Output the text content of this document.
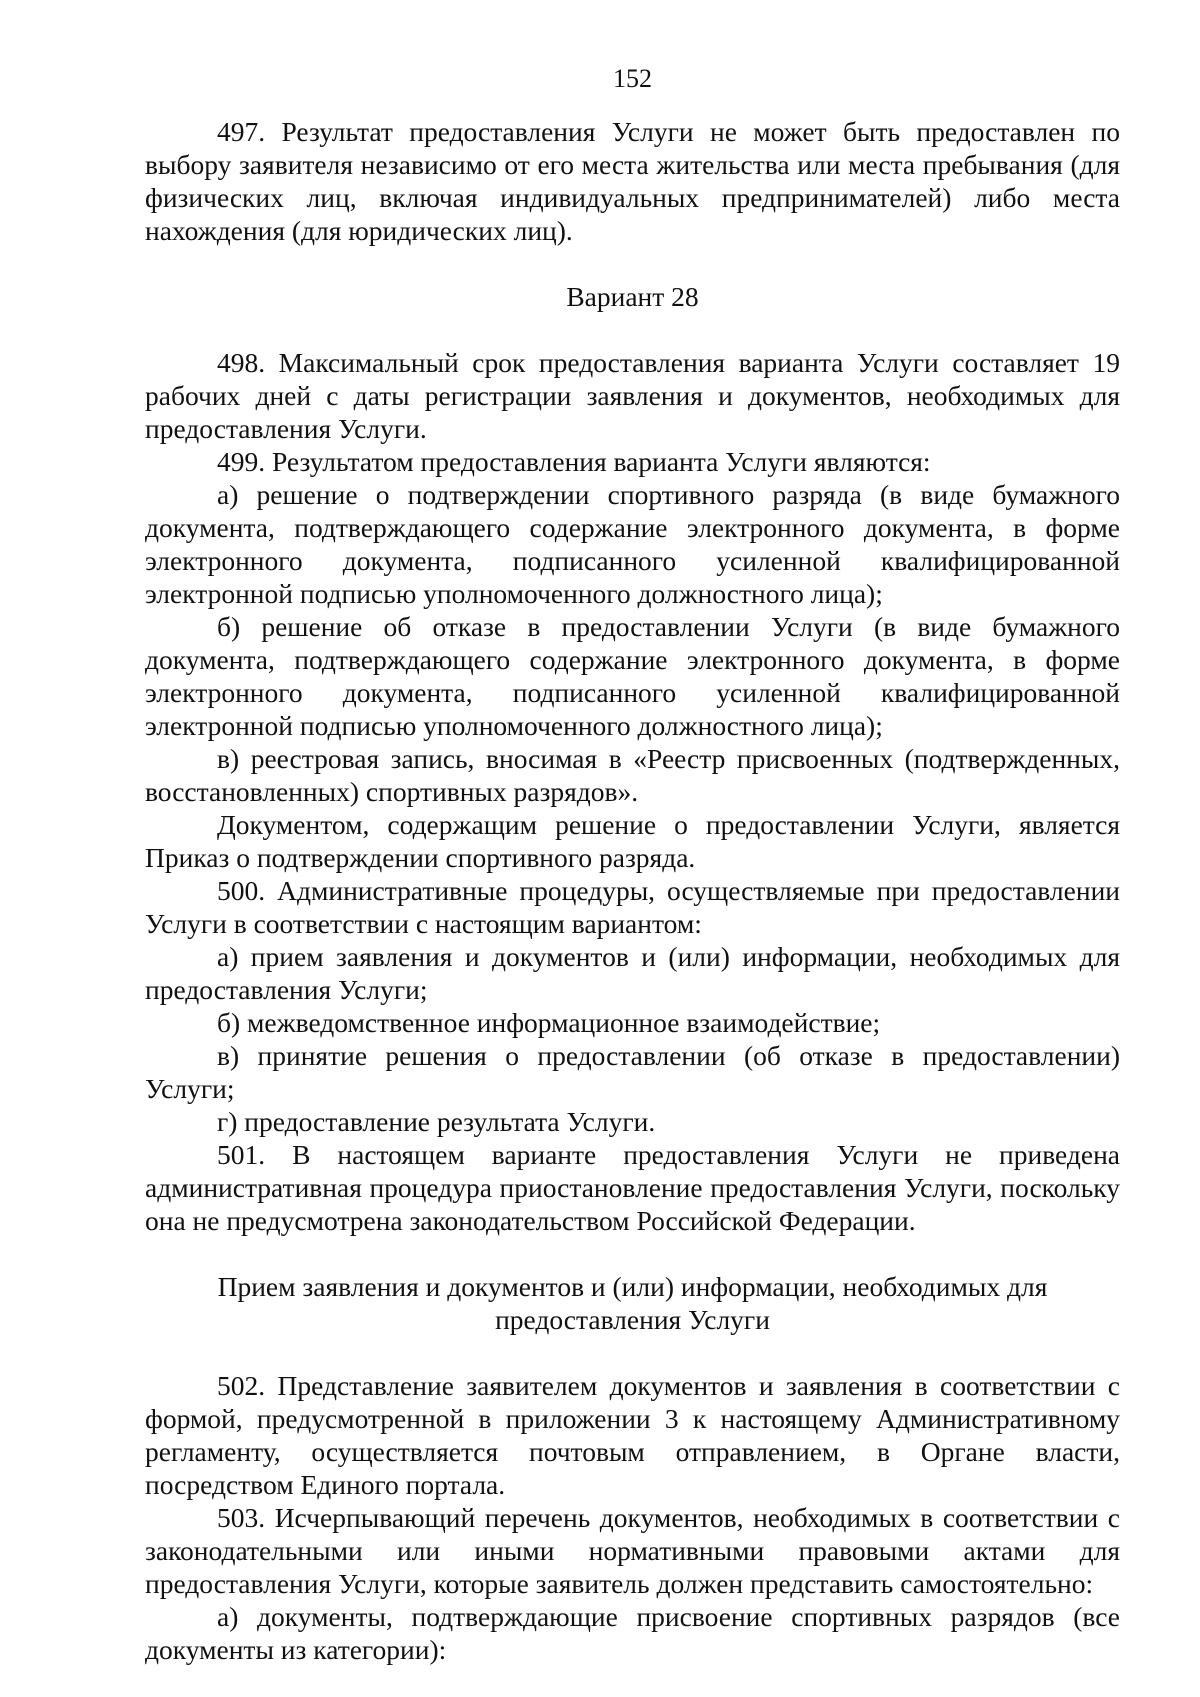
152

497. Результат предоставления Услуги не может быть предоставлен по выбору заявителя независимо от его места жительства или места пребывания (для физических лиц, включая индивидуальных предпринимателей) либо места нахождения (для юридических лиц).

Вариант 28

498. Максимальный срок предоставления варианта Услуги составляет 19 рабочих дней с даты регистрации заявления и документов, необходимых для предоставления Услуги.

499. Результатом предоставления варианта Услуги являются:

а) решение о подтверждении спортивного разряда (в виде бумажного документа, подтверждающего содержание электронного документа, в форме электронного документа, подписанного усиленной квалифицированной электронной подписью уполномоченного должностного лица);

б) решение об отказе в предоставлении Услуги (в виде бумажного документа, подтверждающего содержание электронного документа, в форме электронного документа, подписанного усиленной квалифицированной электронной подписью уполномоченного должностного лица);

в) реестровая запись, вносимая в «Реестр присвоенных (подтвержденных, восстановленных) спортивных разрядов».

Документом, содержащим решение о предоставлении Услуги, является Приказ о подтверждении спортивного разряда.

500. Административные процедуры, осуществляемые при предоставлении Услуги в соответствии с настоящим вариантом:

а) прием заявления и документов и (или) информации, необходимых для предоставления Услуги;

б) межведомственное информационное взаимодействие;

в) принятие решения о предоставлении (об отказе в предоставлении) Услуги;

г) предоставление результата Услуги.

501. В настоящем варианте предоставления Услуги не приведена административная процедура приостановление предоставления Услуги, поскольку она не предусмотрена законодательством Российской Федерации.

Прием заявления и документов и (или) информации, необходимых для предоставления Услуги

502. Представление заявителем документов и заявления в соответствии с формой, предусмотренной в приложении 3 к настоящему Административному регламенту, осуществляется почтовым отправлением, в Органе власти, посредством Единого портала.

503. Исчерпывающий перечень документов, необходимых в соответствии с законодательными или иными нормативными правовыми актами для предоставления Услуги, которые заявитель должен представить самостоятельно:

а) документы, подтверждающие присвоение спортивных разрядов (все документы из категории):
